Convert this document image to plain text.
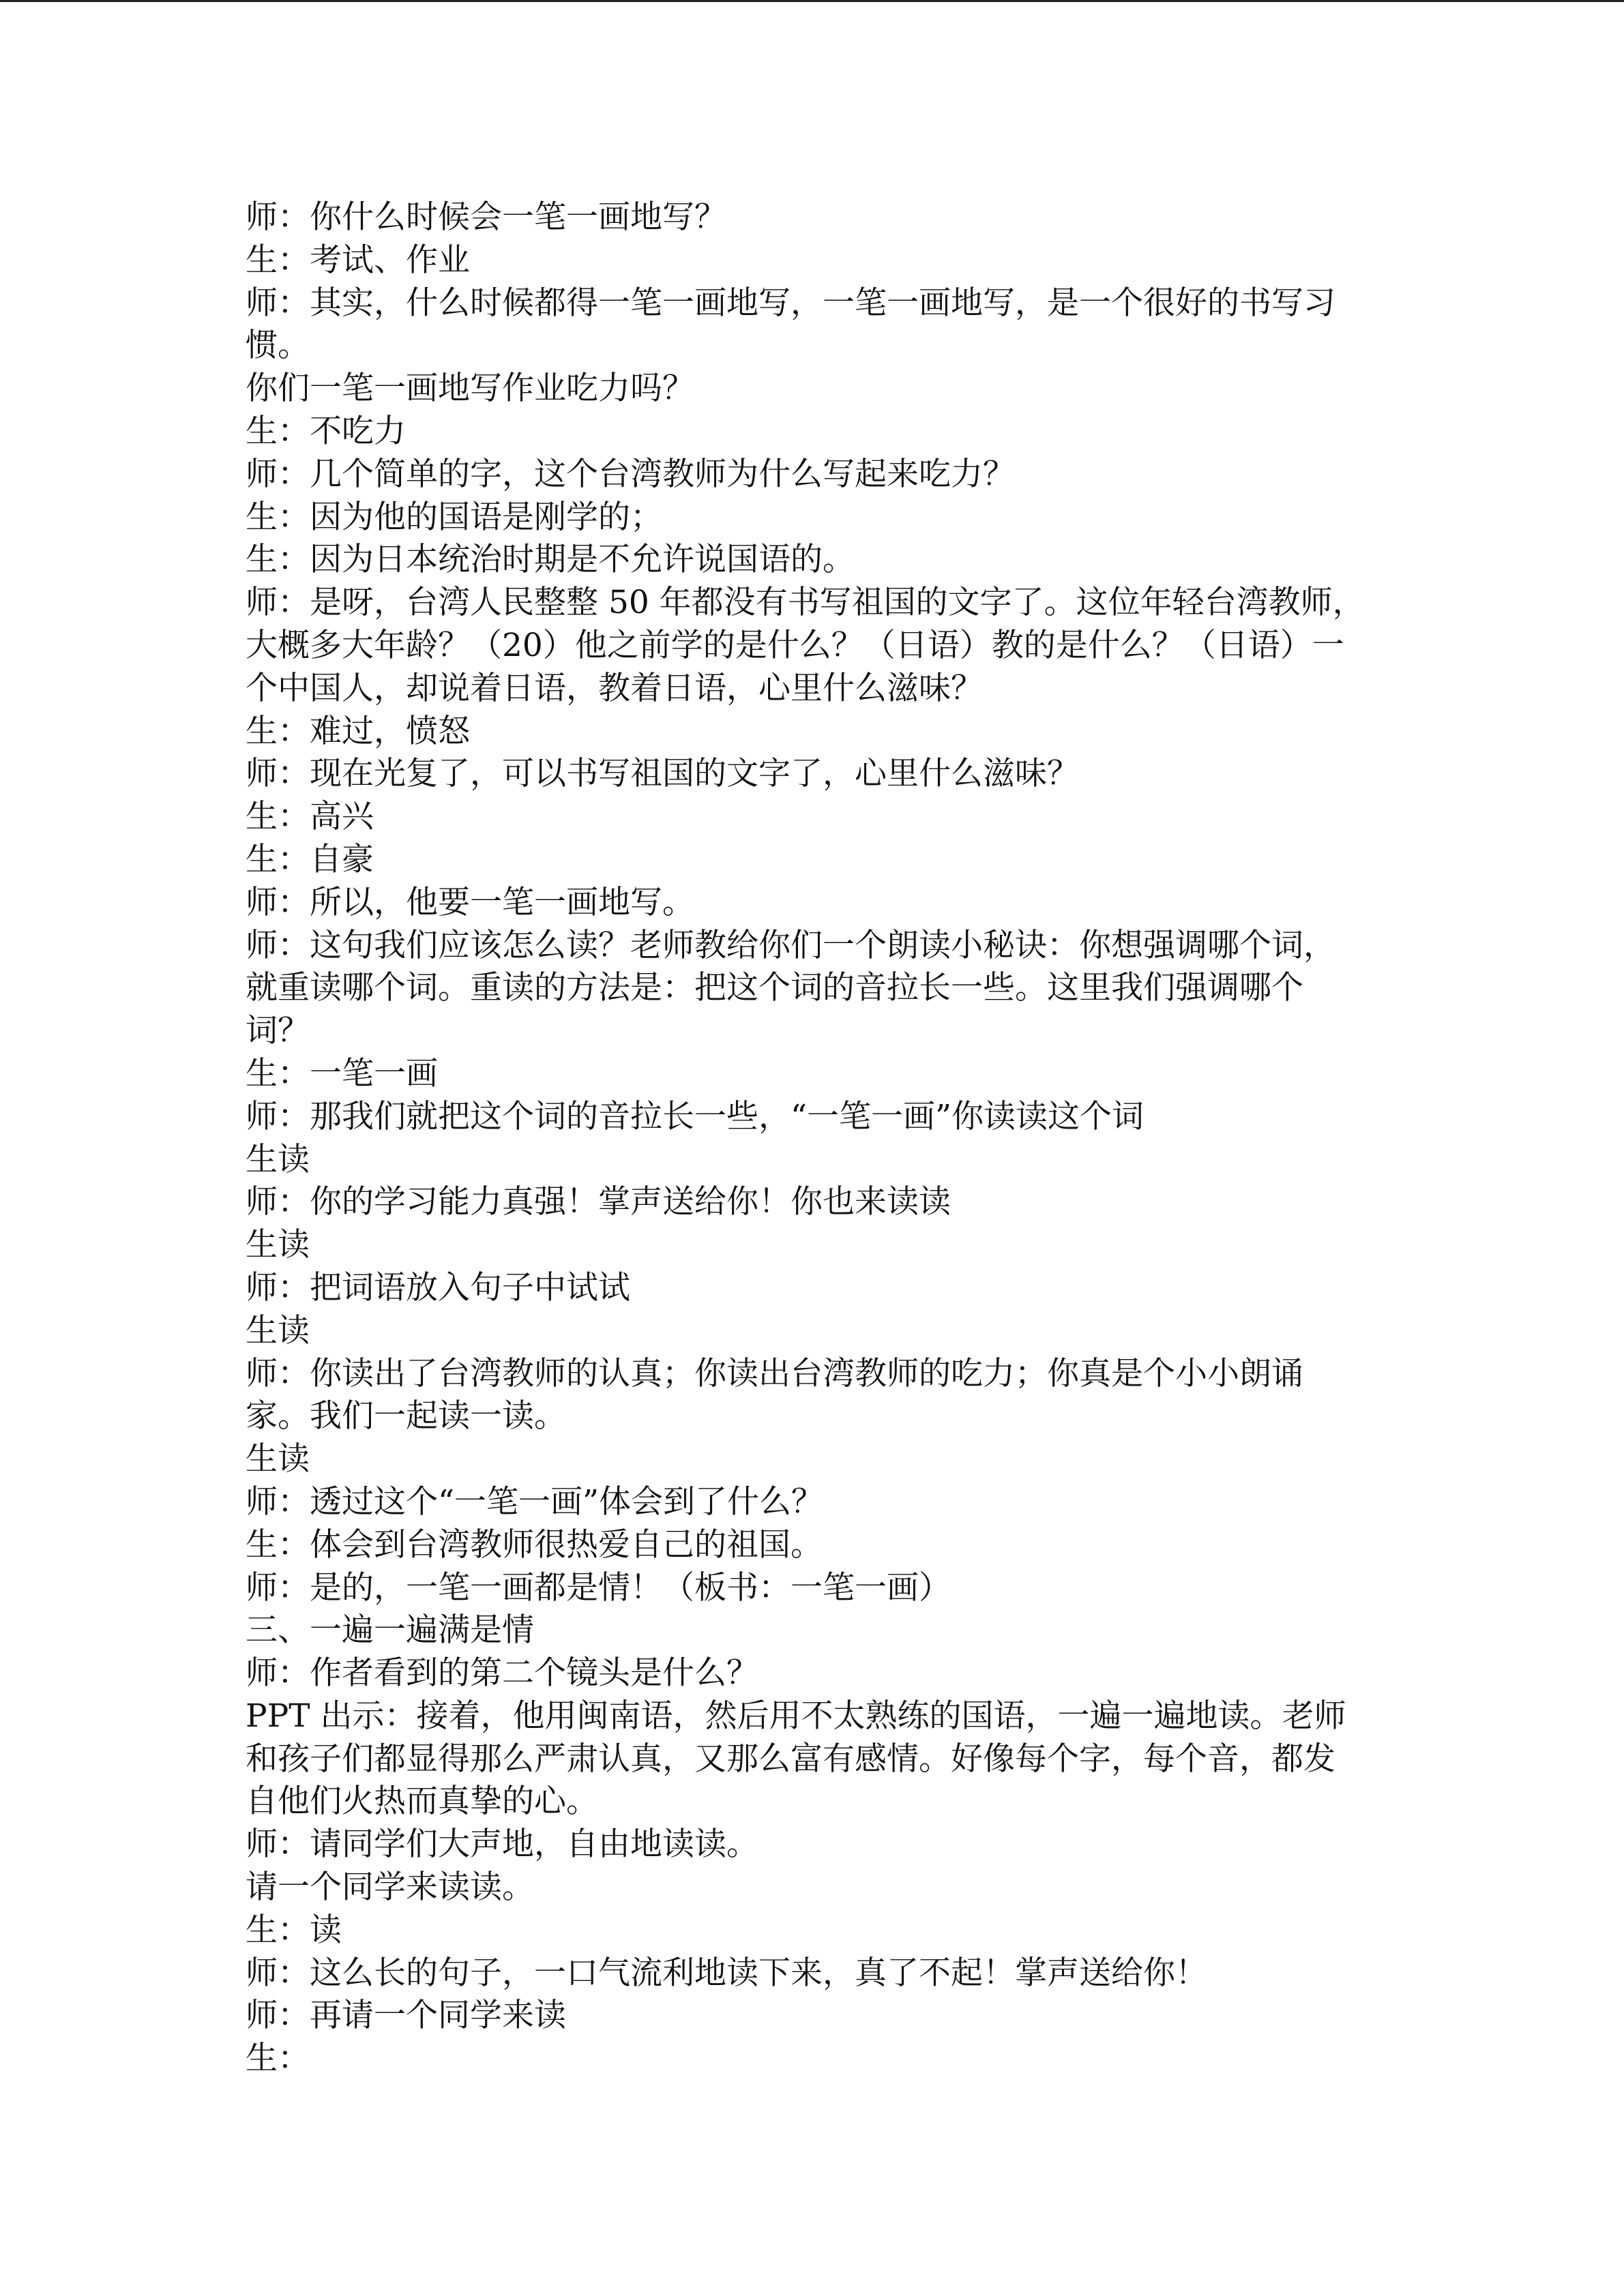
师：你什么时候会一笔一画地写？

生：考试、作业

师：其实，什么时候都得一笔一画地写，一笔一画地写，是一个很好的书写习

惯。

你们一笔一画地写作业吃力吗？

生：不吃力

师：几个简单的字，这个台湾教师为什么写起来吃力？

生：因为他的国语是刚学的；

生：因为日本统治时期是不允许说国语的。

师：是呀，台湾人民整整 50 年都没有书写祖国的文字了。这位年轻台湾教师，

大概多大年龄？（20）他之前学的是什么？（日语）教的是什么？（日语）一

个中国人，却说着日语，教着日语，心里什么滋味？

生：难过，愤怒

师：现在光复了，可以书写祖国的文字了，心里什么滋味？

生：高兴

生：自豪

师：所以，他要一笔一画地写。

师：这句我们应该怎么读？老师教给你们一个朗读小秘诀：你想强调哪个词，

就重读哪个词。重读的方法是：把这个词的音拉长一些。这里我们强调哪个

词？

生：一笔一画

师：那我们就把这个词的音拉长一些，“一笔一画”你读读这个词

生读

师：你的学习能力真强！掌声送给你！你也来读读

生读

师：把词语放入句子中试试

生读

师：你读出了台湾教师的认真；你读出台湾教师的吃力；你真是个小小朗诵

家。我们一起读一读。

生读

师：透过这个“一笔一画”体会到了什么？

生：体会到台湾教师很热爱自己的祖国。

师：是的，一笔一画都是情！（板书：一笔一画）

三、一遍一遍满是情

师：作者看到的第二个镜头是什么？

PPT 出示：接着，他用闽南语，然后用不太熟练的国语，一遍一遍地读。老师

和孩子们都显得那么严肃认真，又那么富有感情。好像每个字，每个音，都发

自他们火热而真挚的心。

师：请同学们大声地，自由地读读。

请一个同学来读读。

生：读

师：这么长的句子，一口气流利地读下来，真了不起！掌声送给你！

师：再请一个同学来读

生：
